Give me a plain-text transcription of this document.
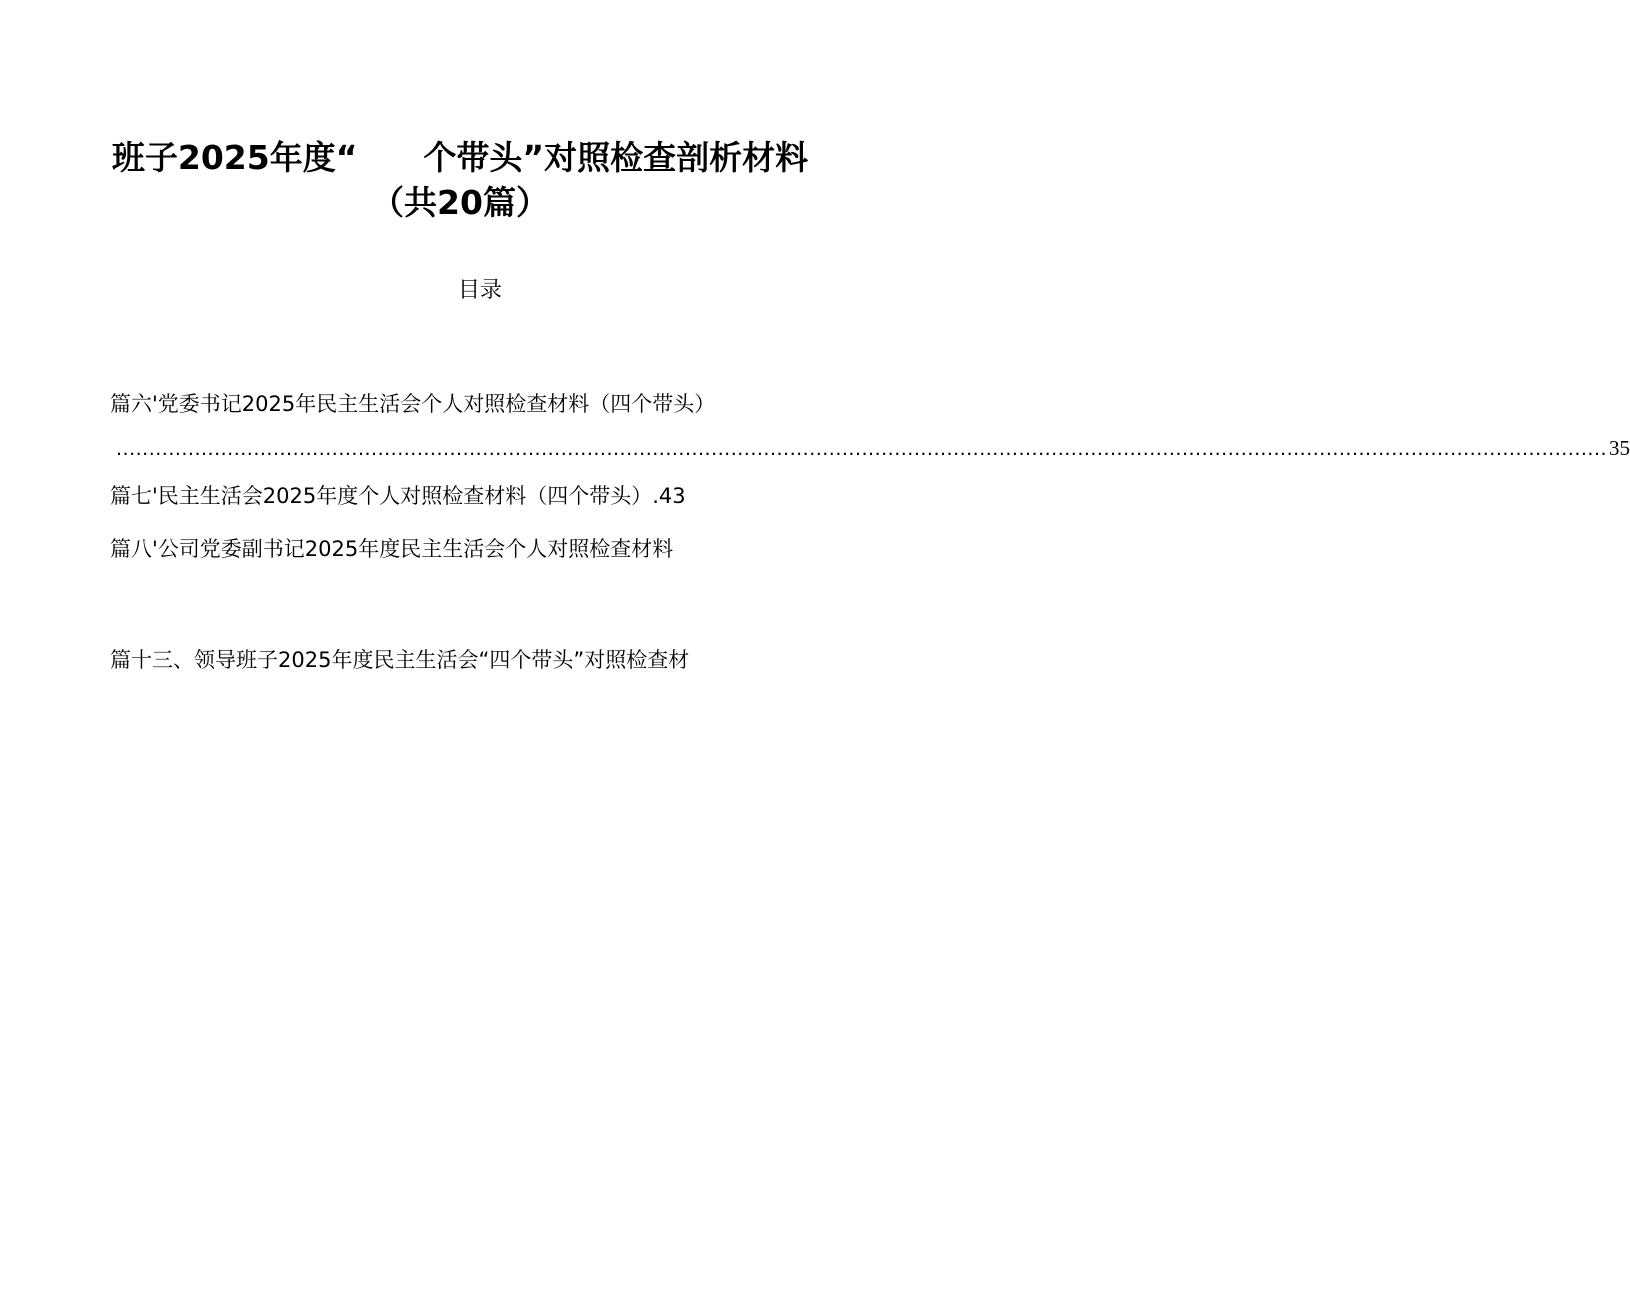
班子2025年度“　　个带头”对照检查剖析材料
（共20篇）
目录
篇六'党委书记2025年民主生活会个人对照检查材料（四个带头）
.................................................................................................................................................................................................................................... 35
篇七'民主生活会2025年度个人对照检查材料（四个带头）.43
篇八'公司党委副书记2025年度民主生活会个人对照检查材料
篇十三、领导班子2025年度民主生活会“四个带头”对照检查材
